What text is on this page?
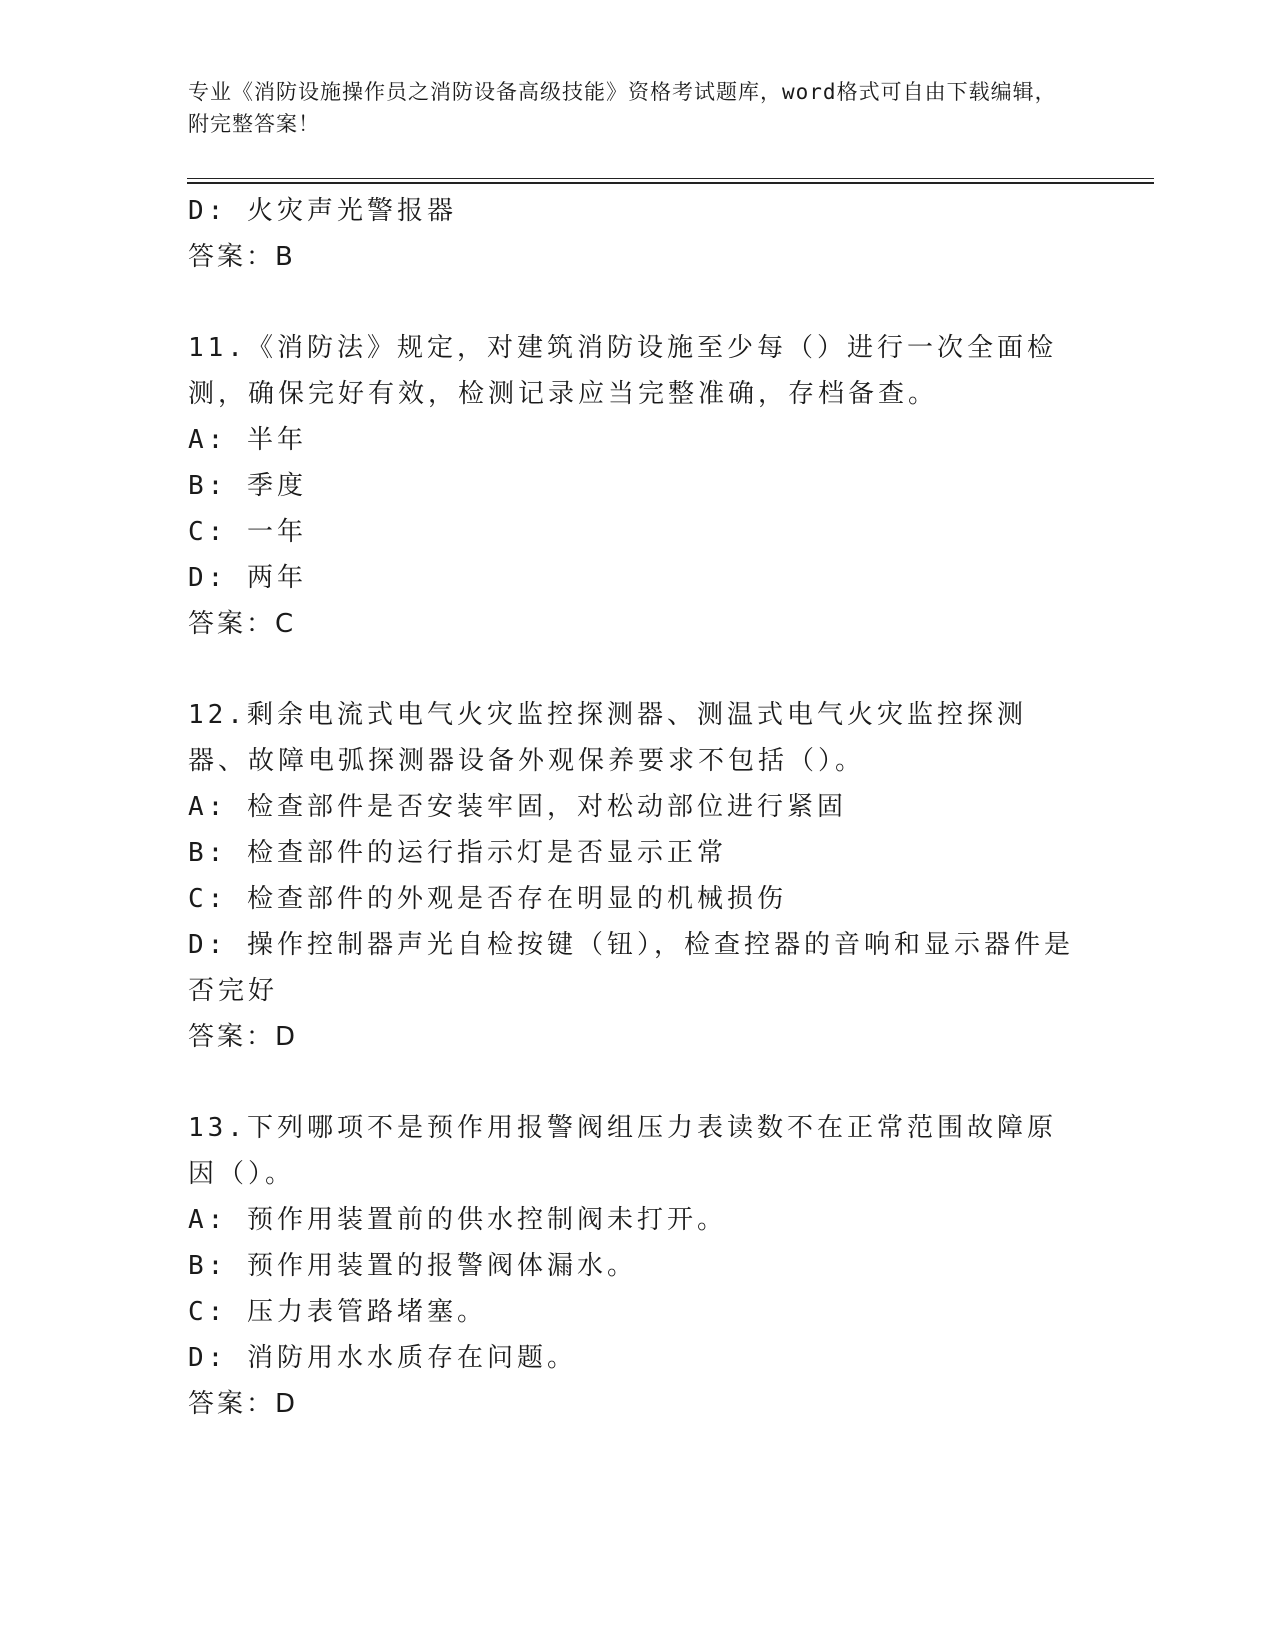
专业《消防设施操作员之消防设备高级技能》资格考试题库，word格式可自由下载编辑，附完整答案！
D: 火灾声光警报器
答案：B
11.《消防法》规定，对建筑消防设施至少每（）进行一次全面检测，确保完好有效，检测记录应当完整准确，存档备查。
A: 半年
B: 季度
C: 一年
D: 两年
答案：C
12.剩余电流式电气火灾监控探测器、测温式电气火灾监控探测器、故障电弧探测器设备外观保养要求不包括（）。
A: 检查部件是否安装牢固，对松动部位进行紧固
B: 检查部件的运行指示灯是否显示正常
C: 检查部件的外观是否存在明显的机械损伤
D: 操作控制器声光自检按键（钮），检查控器的音响和显示器件是否完好
答案：D
13.下列哪项不是预作用报警阀组压力表读数不在正常范围故障原因（）。
A: 预作用装置前的供水控制阀未打开。
B: 预作用装置的报警阀体漏水。
C: 压力表管路堵塞。
D: 消防用水水质存在问题。
答案：D
